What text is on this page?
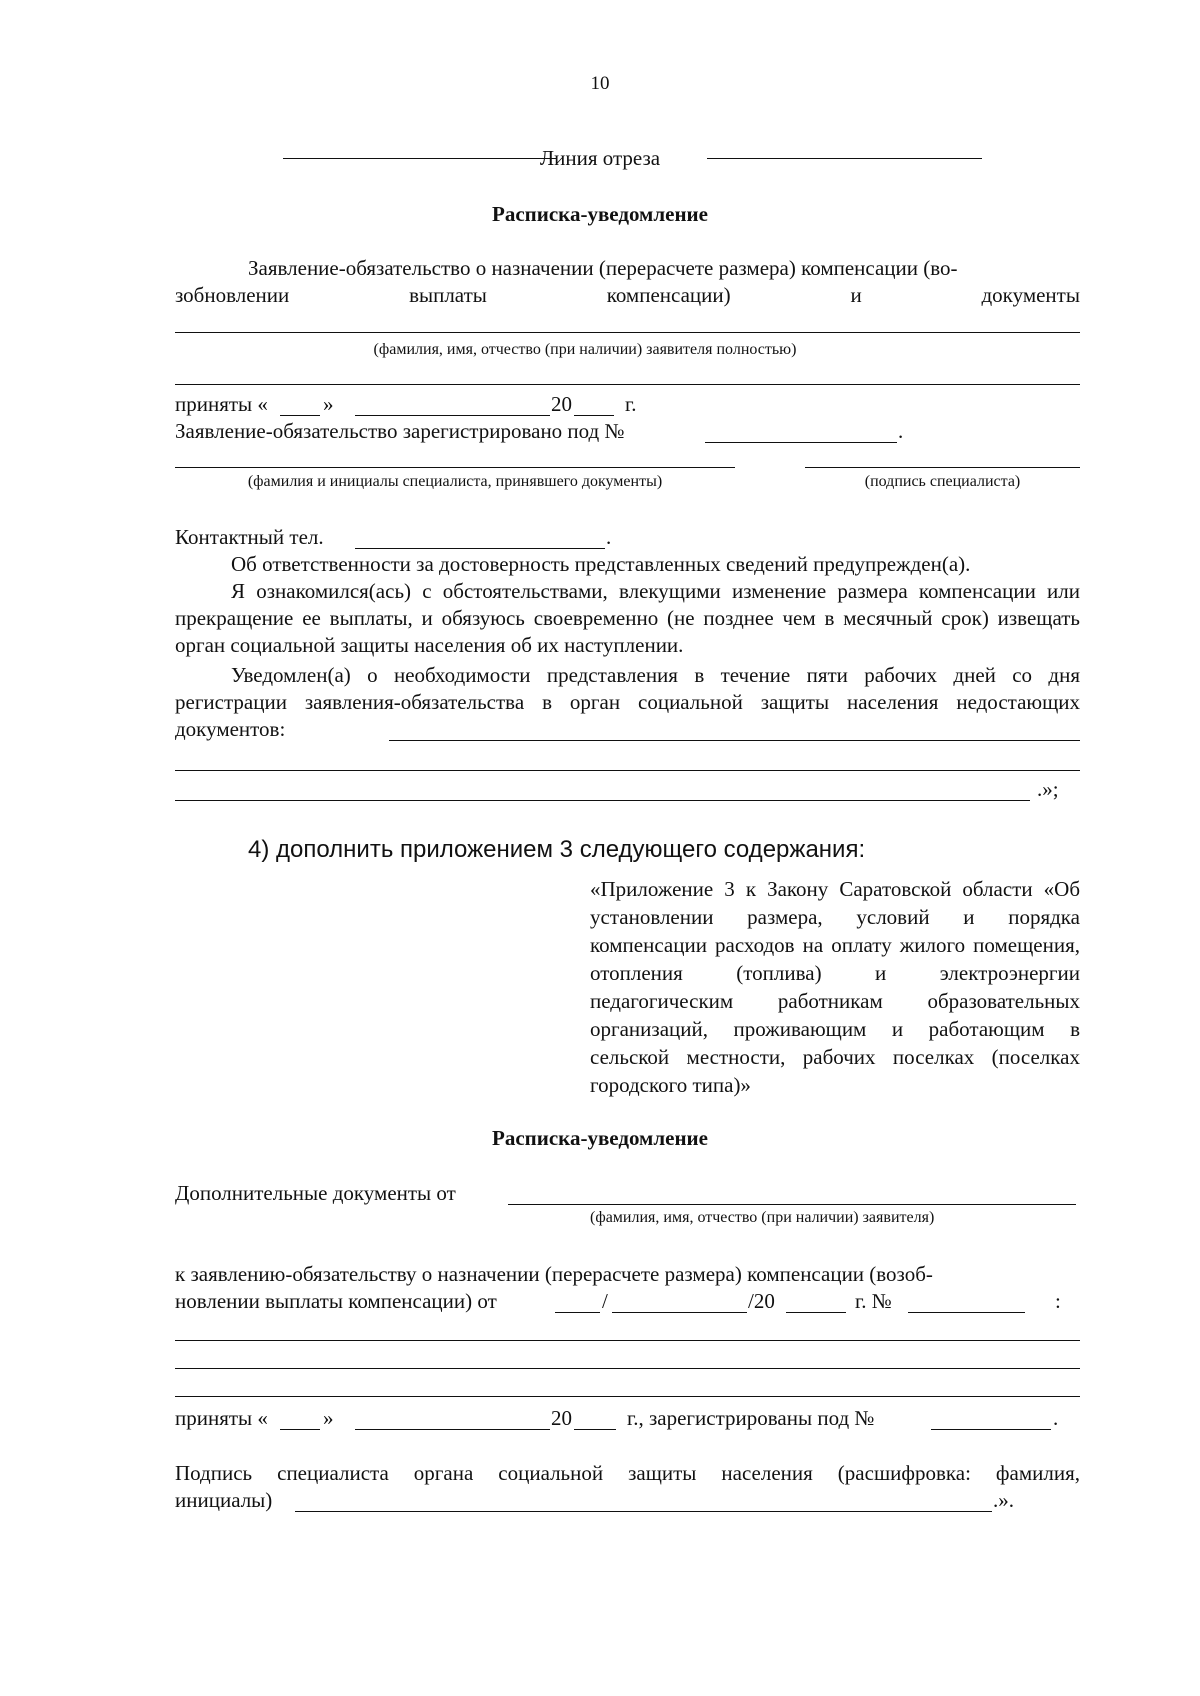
10
Линия отреза
Расписка-уведомление
Заявление-обязательство о назначении (перерасчете размера) компенсации (во-
зобновлении	выплаты	компенсации)	и	документы
(фамилия, имя, отчество (при наличии) заявителя полностью)
приняты «	»	20	г.
Заявление-обязательство зарегистрировано под №	.
(фамилия и инициалы специалиста, принявшего документы)	(подпись специалиста)
Контактный тел.	.
Об ответственности за достоверность представленных сведений предупрежден(а).
Я ознакомился(ась) с обстоятельствами, влекущими изменение размера компенсации или прекращение ее выплаты, и обязуюсь своевременно (не позднее чем в месячный срок) извещать орган социальной защиты населения об их наступлении.
Уведомлен(а) о необходимости представления в течение пяти рабочих дней со дня регистрации заявления-обязательства в орган социальной защиты населения недостающих документов:
.»;
4) дополнить приложением 3 следующего содержания:
«Приложение 3 к Закону Саратовской области «Об установлении размера, условий и порядка компенсации расходов на оплату жилого помещения, отопления (топлива) и электроэнергии педагогическим работникам образовательных организаций, проживающим и работающим в сельской местности, рабочих поселках (поселках городского типа)»
Расписка-уведомление
Дополнительные документы от
(фамилия, имя, отчество (при наличии) заявителя)
к заявлению-обязательству о назначении (перерасчете размера) компенсации (возоб-
новлении выплаты компенсации) от	/	/20	г. №	:
приняты «	»	20	г., зарегистрированы под №	.
Подпись специалиста органа социальной защиты населения (расшифровка: фамилия,
инициалы)	.».
